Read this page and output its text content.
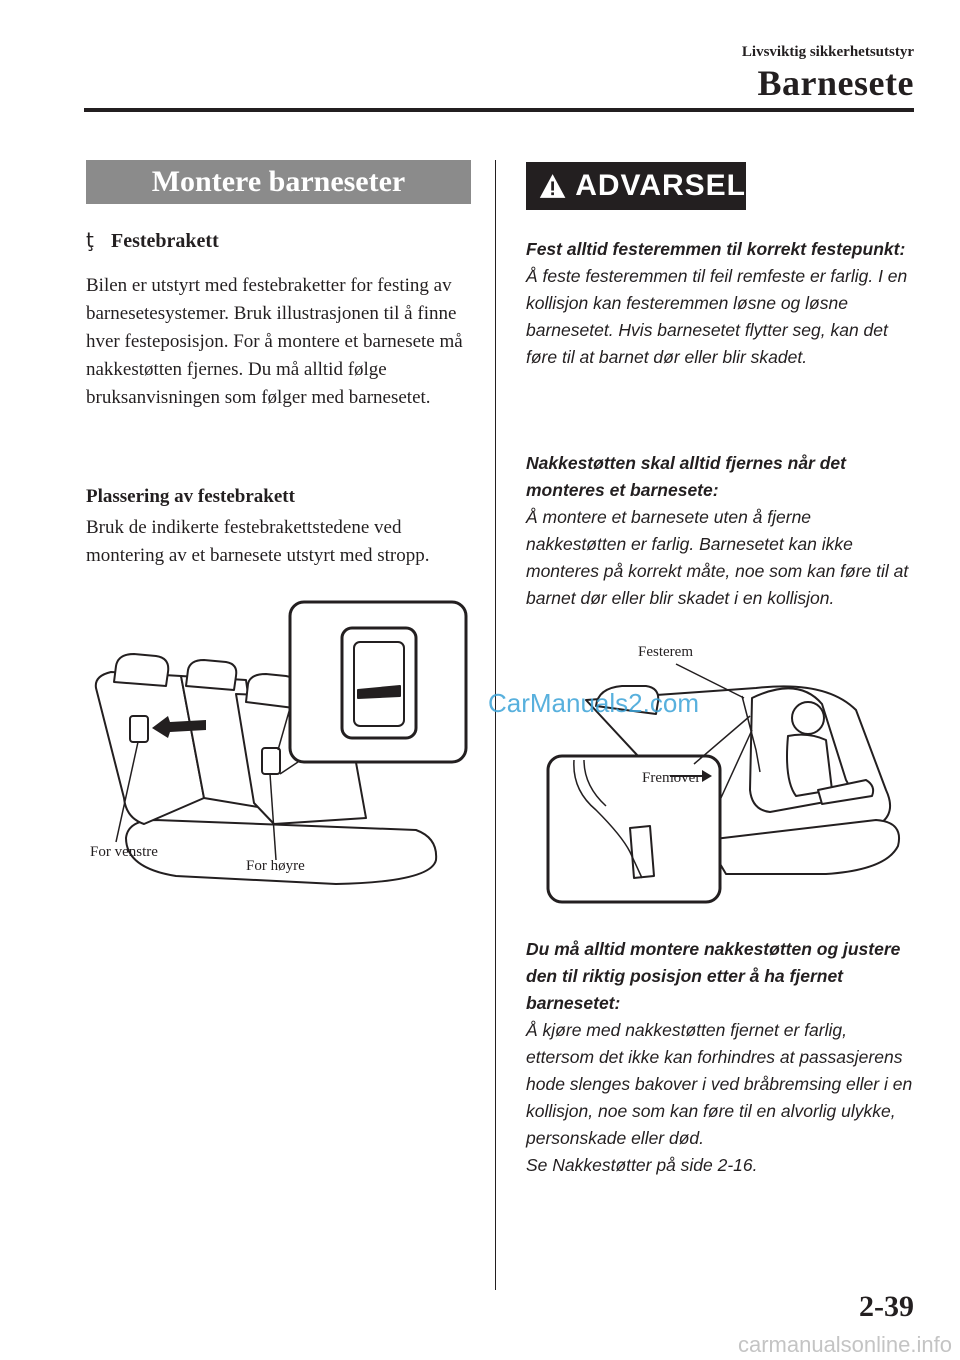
Livsviktig sikkerhetsutstyr
Barnesete
Montere barneseter
ţ Festebrakett
Bilen er utstyrt med festebraketter for festing av barnesetesystemer. Bruk illustrasjonen til å finne hver festeposisjon. For å montere et barnesete må nakkestøtten fjernes. Du må alltid følge bruksanvisningen som følger med barnesetet.
Plassering av festebrakett
Bruk de indikerte festebrakettstedene ved montering av et barnesete utstyrt med stropp.
For venstre
For høyre
ADVARSEL
Fest alltid festeremmen til korrekt festepunkt:
Å feste festeremmen til feil remfeste er farlig. I en kollisjon kan festeremmen løsne og løsne barnesetet. Hvis barnesetet flytter seg, kan det føre til at barnet dør eller blir skadet.
Nakkestøtten skal alltid fjernes når det monteres et barnesete:
Å montere et barnesete uten å fjerne nakkestøtten er farlig. Barnesetet kan ikke monteres på korrekt måte, noe som kan føre til at barnet dør eller blir skadet i en kollisjon.
Festerem
Fremover
Du må alltid montere nakkestøtten og justere den til riktig posisjon etter å ha fjernet barnesetet:
Å kjøre med nakkestøtten fjernet er farlig, ettersom det ikke kan forhindres at passasjerens hode slenges bakover i ved bråbremsing eller i en kollisjon, noe som kan føre til en alvorlig ulykke, personskade eller død.
Se Nakkestøtter på side 2-16.
CarManuals2.com
2-39
carmanualsonline.info
